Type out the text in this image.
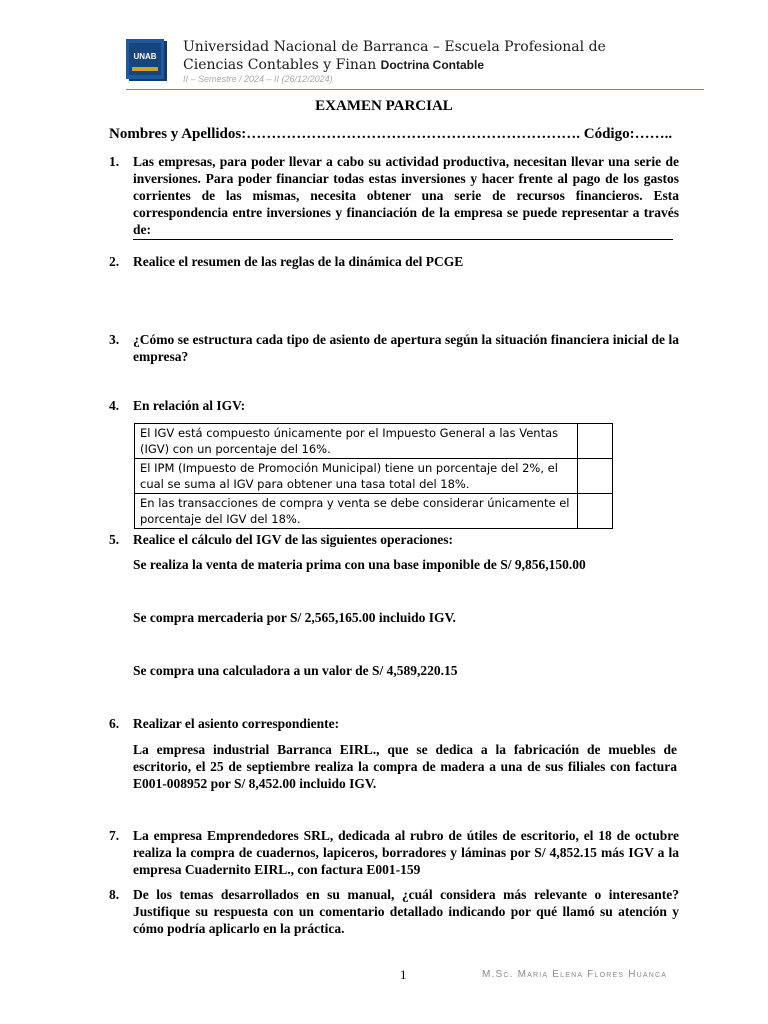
UNAB
Universidad Nacional de Barranca – Escuela Profesional de
Ciencias Contables y Finan Doctrina Contable
II – Semestre / 2024 – II (26/12/2024)
EXAMEN PARCIAL
Nombres y Apellidos:…………………………………………………………. Código:……..
1. Las empresas, para poder llevar a cabo su actividad productiva, necesitan llevar una serie de inversiones. Para poder financiar todas estas inversiones y hacer frente al pago de los gastos corrientes de las mismas, necesita obtener una serie de recursos financieros. Esta correspondencia entre inversiones y financiación de la empresa se puede representar a través de:
2. Realice el resumen de las reglas de la dinámica del PCGE
3. ¿Cómo se estructura cada tipo de asiento de apertura según la situación financiera inicial de la empresa?
4. En relación al IGV:
El IGV está compuesto únicamente por el Impuesto General a las Ventas (IGV) con un porcentaje del 16%.	
El IPM (Impuesto de Promoción Municipal) tiene un porcentaje del 2%, el cual se suma al IGV para obtener una tasa total del 18%.	
En las transacciones de compra y venta se debe considerar únicamente el porcentaje del IGV del 18%.	
5. Realice el cálculo del IGV de las siguientes operaciones:
Se realiza la venta de materia prima con una base imponible de S/ 9,856,150.00
Se compra mercaderia por S/ 2,565,165.00 incluido IGV.
Se compra una calculadora a un valor de S/ 4,589,220.15
6. Realizar el asiento correspondiente:
La empresa industrial Barranca EIRL., que se dedica a la fabricación de muebles de escritorio, el 25 de septiembre realiza la compra de madera a una de sus filiales con factura E001-008952 por S/ 8,452.00 incluido IGV.
7. La empresa Emprendedores SRL, dedicada al rubro de útiles de escritorio, el 18 de octubre realiza la compra de cuadernos, lapiceros, borradores y láminas por S/ 4,852.15 más IGV a la empresa Cuadernito EIRL., con factura E001-159
8. De los temas desarrollados en su manual, ¿cuál considera más relevante o interesante? Justifique su respuesta con un comentario detallado indicando por qué llamó su atención y cómo podría aplicarlo en la práctica.
1	M.Sc. Maria Elena Flores Huanca
